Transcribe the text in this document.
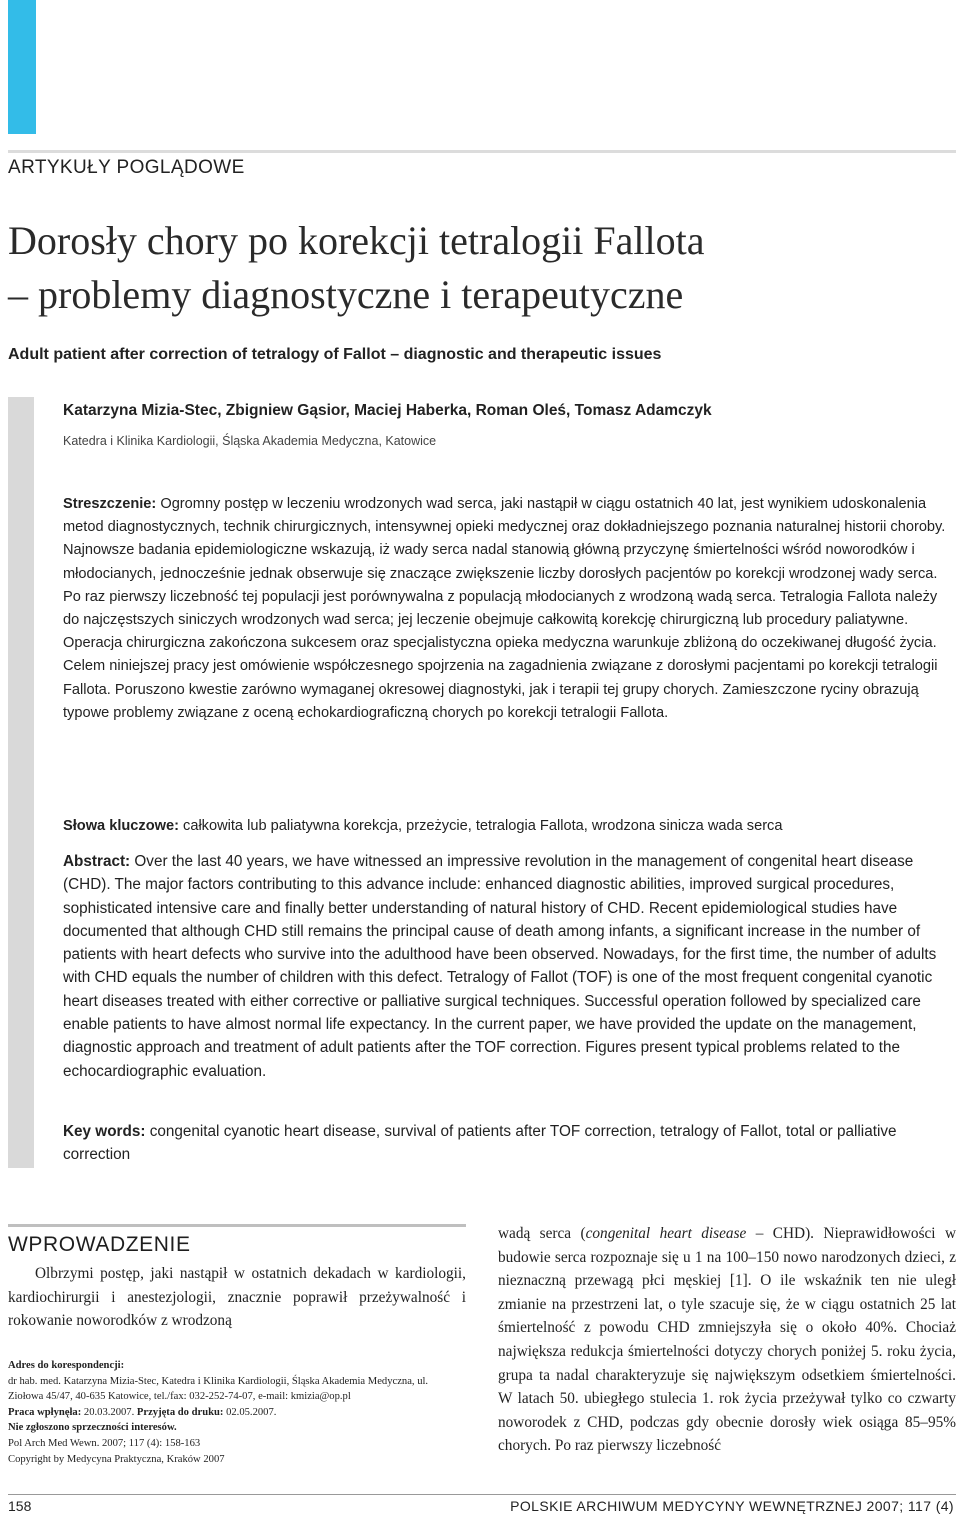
ARTYKUŁY POGLĄDOWE
Dorosły chory po korekcji tetralogii Fallota
– problemy diagnostyczne i terapeutyczne
Adult patient after correction of tetralogy of Fallot – diagnostic and therapeutic issues
Katarzyna Mizia-Stec, Zbigniew Gąsior, Maciej Haberka, Roman Oleś, Tomasz Adamczyk
Katedra i Klinika Kardiologii, Śląska Akademia Medyczna, Katowice
Streszczenie: Ogromny postęp w leczeniu wrodzonych wad serca, jaki nastąpił w ciągu ostatnich 40 lat, jest wynikiem udoskonalenia metod diagnostycznych, technik chirurgicznych, intensywnej opieki medycznej oraz dokładniejszego poznania naturalnej historii choroby. Najnowsze badania epidemiologiczne wskazują, iż wady serca nadal stanowią główną przyczynę śmiertelności wśród noworodków i młodocianych, jednocześnie jednak obserwuje się znaczące zwiększenie liczby dorosłych pacjentów po korekcji wrodzonej wady serca. Po raz pierwszy liczebność tej populacji jest porównywalna z populacją młodocianych z wrodzoną wadą serca. Tetralogia Fallota należy do najczęstszych siniczych wrodzonych wad serca; jej leczenie obejmuje całkowitą korekcję chirurgiczną lub procedury paliatywne. Operacja chirurgiczna zakończona sukcesem oraz specjalistyczna opieka medyczna warunkuje zbliżoną do oczekiwanej długość życia. Celem niniejszej pracy jest omówienie współczesnego spojrzenia na zagadnienia związane z dorosłymi pacjentami po korekcji tetralogii Fallota. Poruszono kwestie zarówno wymaganej okresowej diagnostyki, jak i terapii tej grupy chorych. Zamieszczone ryciny obrazują typowe problemy związane z oceną echokardiograficzną chorych po korekcji tetralogii Fallota.
Słowa kluczowe: całkowita lub paliatywna korekcja, przeżycie, tetralogia Fallota, wrodzona sinicza wada serca
Abstract: Over the last 40 years, we have witnessed an impressive revolution in the management of congenital heart disease (CHD). The major factors contributing to this advance include: enhanced diagnostic abilities, improved surgical procedures, sophisticated intensive care and finally better understanding of natural history of CHD. Recent epidemiological studies have documented that although CHD still remains the principal cause of death among infants, a significant increase in the number of patients with heart defects who survive into the adulthood have been observed. Nowadays, for the first time, the number of adults with CHD equals the number of children with this defect. Tetralogy of Fallot (TOF) is one of the most frequent congenital cyanotic heart diseases treated with either corrective or palliative surgical techniques. Successful operation followed by specialized care enable patients to have almost normal life expectancy. In the current paper, we have provided the update on the management, diagnostic approach and treatment of adult patients after the TOF correction. Figures present typical problems related to the echocardiographic evaluation.
Key words: congenital cyanotic heart disease, survival of patients after TOF correction, tetralogy of Fallot, total or palliative correction
WPROWADZENIE
Olbrzymi postęp, jaki nastąpił w ostatnich dekadach w kardiologii, kardiochirurgii i anestezjologii, znacznie poprawił przeżywalność i rokowanie noworodków z wrodzoną
Adres do korespondencji:
dr hab. med. Katarzyna Mizia-Stec, Katedra i Klinika Kardiologii, Śląska Akademia Medyczna, ul. Ziołowa 45/47, 40-635 Katowice, tel./fax: 032-252-74-07, e-mail: kmizia@op.pl
Praca wpłynęła: 20.03.2007. Przyjęta do druku: 02.05.2007.
Nie zgłoszono sprzeczności interesów.
Pol Arch Med Wewn. 2007; 117 (4): 158-163
Copyright by Medycyna Praktyczna, Kraków 2007
wadą serca (congenital heart disease – CHD). Nieprawidłowości w budowie serca rozpoznaje się u 1 na 100–150 nowo narodzonych dzieci, z nieznaczną przewagą płci męskiej [1]. O ile wskaźnik ten nie uległ zmianie na przestrzeni lat, o tyle szacuje się, że w ciągu ostatnich 25 lat śmiertelność z powodu CHD zmniejszyła się o około 40%. Chociaż największa redukcja śmiertelności dotyczy chorych poniżej 5. roku życia, grupa ta nadal charakteryzuje się największym odsetkiem śmiertelności. W latach 50. ubiegłego stulecia 1. rok życia przeżywał tylko co czwarty noworodek z CHD, podczas gdy obecnie dorosły wiek osiąga 85–95% chorych. Po raz pierwszy liczebność
158	POLSKIE ARCHIWUM MEDYCYNY WEWNĘTRZNEJ 2007; 117 (4)
